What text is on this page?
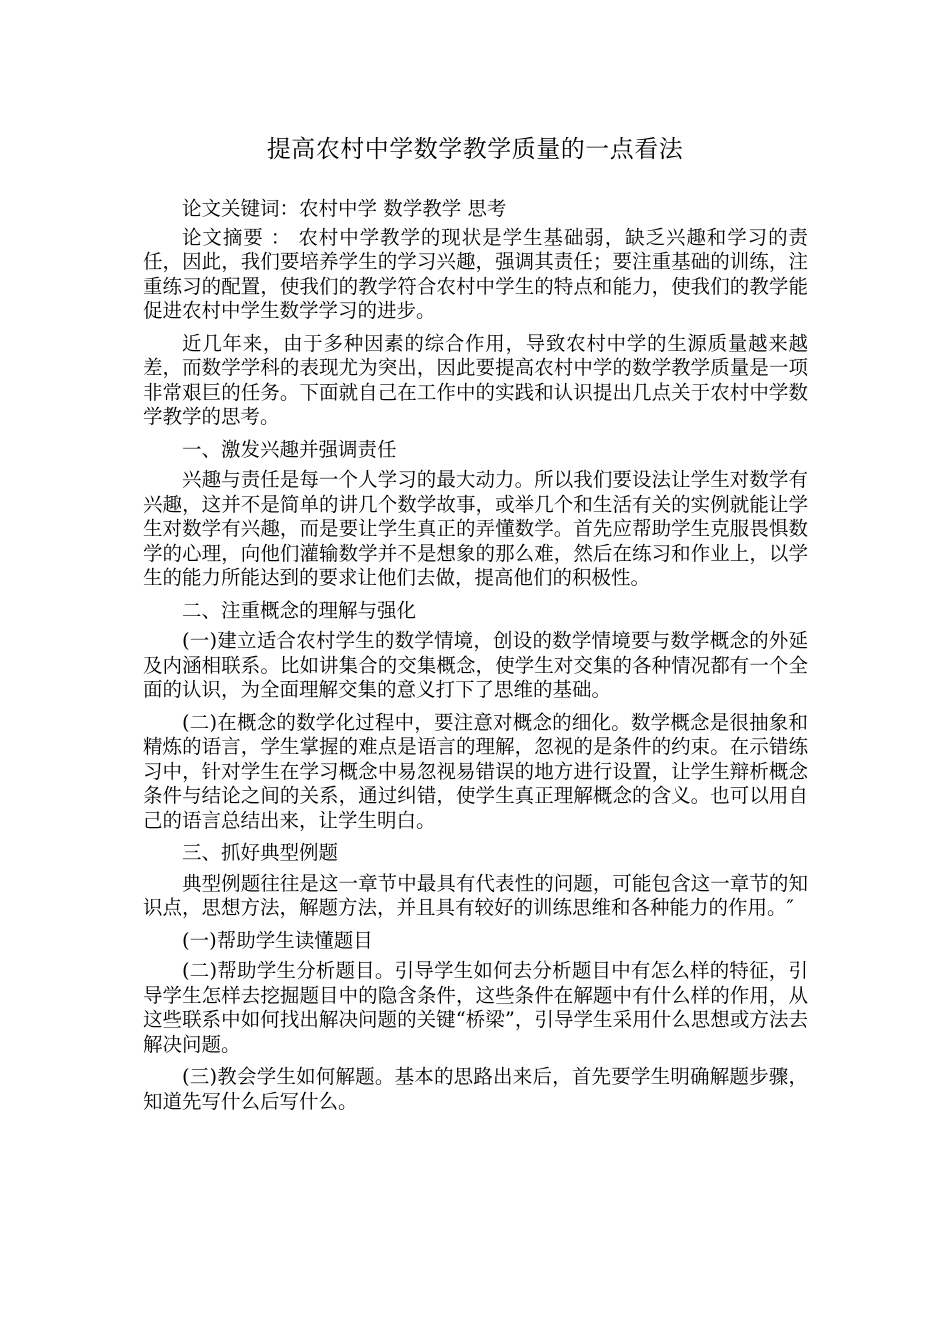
提高农村中学数学教学质量的一点看法

论文关键词：农村中学 数学教学 思考

论文摘要 ： 农村中学教学的现状是学生基础弱，缺乏兴趣和学习的责任，因此，我们要培养学生的学习兴趣，强调其责任；要注重基础的训练，注重练习的配置，使我们的教学符合农村中学生的特点和能力，使我们的教学能促进农村中学生数学学习的进步。

近几年来，由于多种因素的综合作用，导致农村中学的生源质量越来越差，而数学学科的表现尤为突出，因此要提高农村中学的数学教学质量是一项非常艰巨的任务。下面就自己在工作中的实践和认识提出几点关于农村中学数学教学的思考。

一、激发兴趣并强调责任

兴趣与责任是每一个人学习的最大动力。所以我们要设法让学生对数学有兴趣，这并不是简单的讲几个数学故事，或举几个和生活有关的实例就能让学生对数学有兴趣，而是要让学生真正的弄懂数学。首先应帮助学生克服畏惧数学的心理，向他们灌输数学并不是想象的那么难，然后在练习和作业上，以学生的能力所能达到的要求让他们去做，提高他们的积极性。

二、注重概念的理解与强化

(一)建立适合农村学生的数学情境，创设的数学情境要与数学概念的外延及内涵相联系。比如讲集合的交集概念，使学生对交集的各种情况都有一个全面的认识，为全面理解交集的意义打下了思维的基础。

(二)在概念的数学化过程中，要注意对概念的细化。数学概念是很抽象和精炼的语言，学生掌握的难点是语言的理解，忽视的是条件的约束。在示错练习中，针对学生在学习概念中易忽视易错误的地方进行设置，让学生辩析概念条件与结论之间的关系，通过纠错，使学生真正理解概念的含义。也可以用自己的语言总结出来，让学生明白。

三、抓好典型例题

典型例题往往是这一章节中最具有代表性的问题，可能包含这一章节的知识点，思想方法，解题方法，并且具有较好的训练思维和各种能力的作用。″

(一)帮助学生读懂题目

(二)帮助学生分析题目。引导学生如何去分析题目中有怎么样的特征，引导学生怎样去挖掘题目中的隐含条件，这些条件在解题中有什么样的作用，从这些联系中如何找出解决问题的关键“桥梁”，引导学生采用什么思想或方法去解决问题。

(三)教会学生如何解题。基本的思路出来后，首先要学生明确解题步骤，知道先写什么后写什么。
